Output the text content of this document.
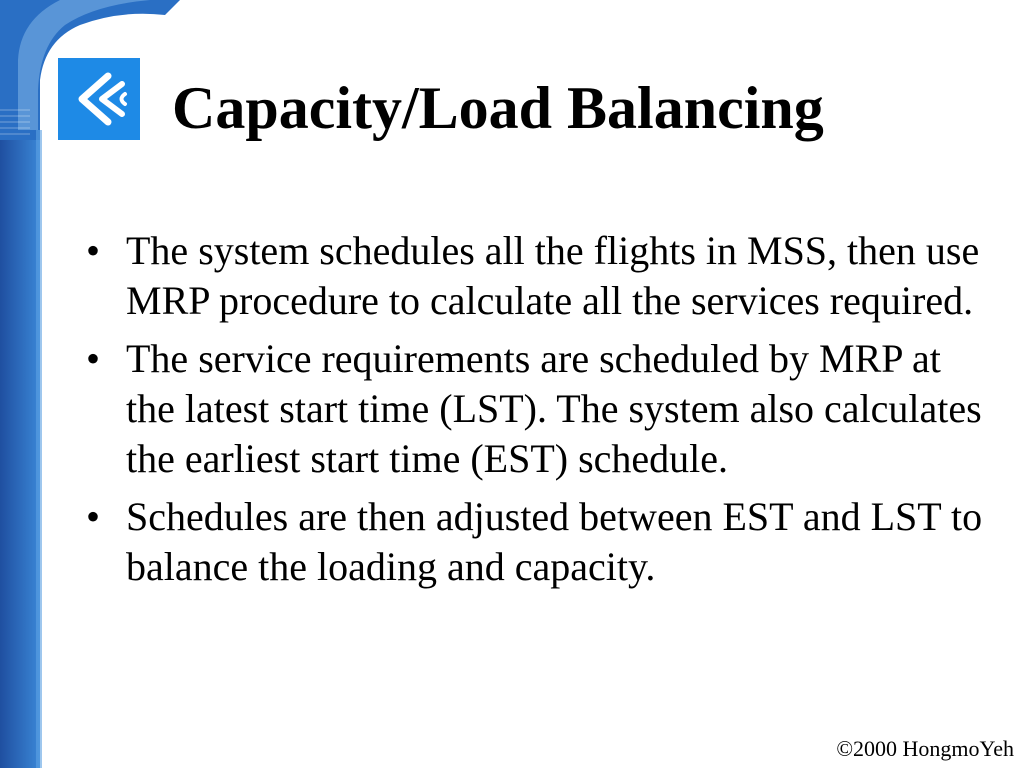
Capacity/Load Balancing
• The system schedules all the flights in MSS, then use MRP procedure to calculate all the services required.
• The service requirements are scheduled by MRP at the latest start time (LST). The system also calculates the earliest start time (EST) schedule.
• Schedules are then adjusted between EST and LST to balance the loading and capacity.
©2000 HongmoYeh
